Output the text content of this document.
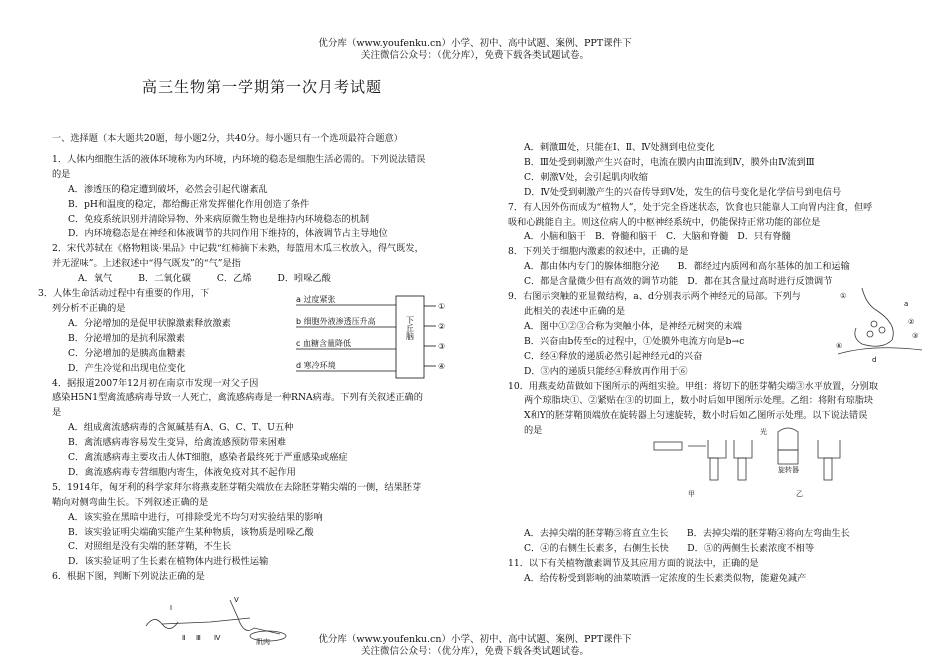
优分库（www.youfenku.cn）小学、初中、高中试题、案例、PPT课件下
关注微信公众号：（优分库），免费下载各类试题试卷。
高三生物第一学期第一次月考试题

一、选择题（本大题共20题，每小题2分，共40分。每小题只有一个选项最符合题意）

1．人体内细胞生活的液体环境称为内环境，内环境的稳态是细胞生活必需的。下列说法错误

的是

A．渗透压的稳定遭到破坏，必然会引起代谢紊乱

B．pH和温度的稳定，都给酶正常发挥催化作用创造了条件

C．免疫系统识别并清除异物、外来病原微生物也是维持内环境稳态的机制

D．内环境稳态是在神经和体液调节的共同作用下维持的，体液调节占主导地位

2．宋代苏轼在《格物粗谈·果品》中记载“红柿摘下未熟，每篮用木瓜三枚放入，得气既发，

并无涩味”。上述叙述中“得气既发”的“气”是指

A．氧气	B．二氧化碳	C．乙烯	D．吲哚乙酸

3．人体生命活动过程中有重要的作用，下

列分析不正确的是

A．分泌增加的是促甲状腺激素释放激素

B．分泌增加的是抗利尿激素

C．分泌增加的是胰高血糖素

D．产生冷觉和出现电位变化

4．据报道2007年12月初在南京市发现一对父子因

感染H5N1型禽流感病毒导致一人死亡，禽流感病毒是一种RNA病毒。下列有关叙述正确的

是

A．组成禽流感病毒的含氮碱基有A、G、C、T、U五种

B．禽流感病毒容易发生变异，给禽流感预防带来困难

C．禽流感病毒主要攻击人体T细胞，感染者最终死于严重感染或癌症

D．禽流感病毒专营细胞内寄生，体液免疫对其不起作用

5．1914年，匈牙利的科学家拜尔将燕麦胚芽鞘尖端放在去除胚芽鞘尖端的一侧，结果胚芽

鞘向对侧弯曲生长。下列叙述正确的是

A．该实验在黑暗中进行，可排除受光不均匀对实验结果的影响

B．该实验证明尖端确实能产生某种物质，该物质是吲哚乙酸

C．对照组是没有尖端的胚芽鞘，不生长

D．该实验证明了生长素在植物体内进行极性运输

6．根据下图，判断下列说法正确的是

a 过度紧张
b 细胞外液渗透压升高
c 血糖含量降低
d 寒冷环境
下丘脑
①
②
③
④
Ⅰ
Ⅱ Ⅲ Ⅳ
Ⅴ
肌肉

A．刺激Ⅲ处，只能在Ⅰ、Ⅱ、Ⅳ处测到电位变化

B．Ⅲ处受到刺激产生兴奋时，电流在膜内由Ⅲ流到Ⅳ，膜外由Ⅳ流到Ⅲ

C．刺激Ⅴ处，会引起肌肉收缩

D．Ⅳ处受到刺激产生的兴奋传导到Ⅴ处，发生的信号变化是化学信号到电信号

7．有人因外伤而成为“植物人”，处于完全昏迷状态，饮食也只能靠人工向胃内注食，但呼

吸和心跳能自主。则这位病人的中枢神经系统中，仍能保持正常功能的部位是

A．小脑和脑干　B．脊髓和脑干　C．大脑和脊髓　D．只有脊髓

8．下列关于细胞内激素的叙述中，正确的是

A．都由体内专门的腺体细胞分泌　　B．都经过内质网和高尔基体的加工和运输

C．都是含量微少但有高效的调节功能　D．都在其含量过高时进行反馈调节

9．右图示突触的亚显微结构，a、d分别表示两个神经元的局部。下列与

此相关的表述中正确的是

A．图中①②③合称为突触小体，是神经元树突的末端

B．兴奋由b传至c的过程中，①处膜外电流方向是b→c

C．经④释放的递质必然引起神经元d的兴奋

D．③内的递质只能经④释放再作用于⑥

10．用燕麦幼苗做如下图所示的两组实验。甲组：将切下的胚芽鞘尖端③水平放置，分别取

两个琼脂块①、②紧贴在③的切面上，数小时后如甲图所示处理。乙组：将附有琼脂块

X和Y的胚芽鞘顶端放在旋转器上匀速旋转，数小时后如乙图所示处理。以下说法错误

的是

A．去掉尖端的胚芽鞘⑤将直立生长　　B．去掉尖端的胚芽鞘④将向左弯曲生长

C．④的右侧生长素多，右侧生长快　　D．⑤的两侧生长素浓度不相等

11．以下有关植物激素调节及其应用方面的说法中，正确的是

A．给传粉受到影响的油菜喷洒一定浓度的生长素类似物，能避免减产

①
a
②
③
⑥
d
旋转器
光
甲	乙
优分库（www.youfenku.cn）小学、初中、高中试题、案例、PPT课件下
关注微信公众号：（优分库），免费下载各类试题试卷。
